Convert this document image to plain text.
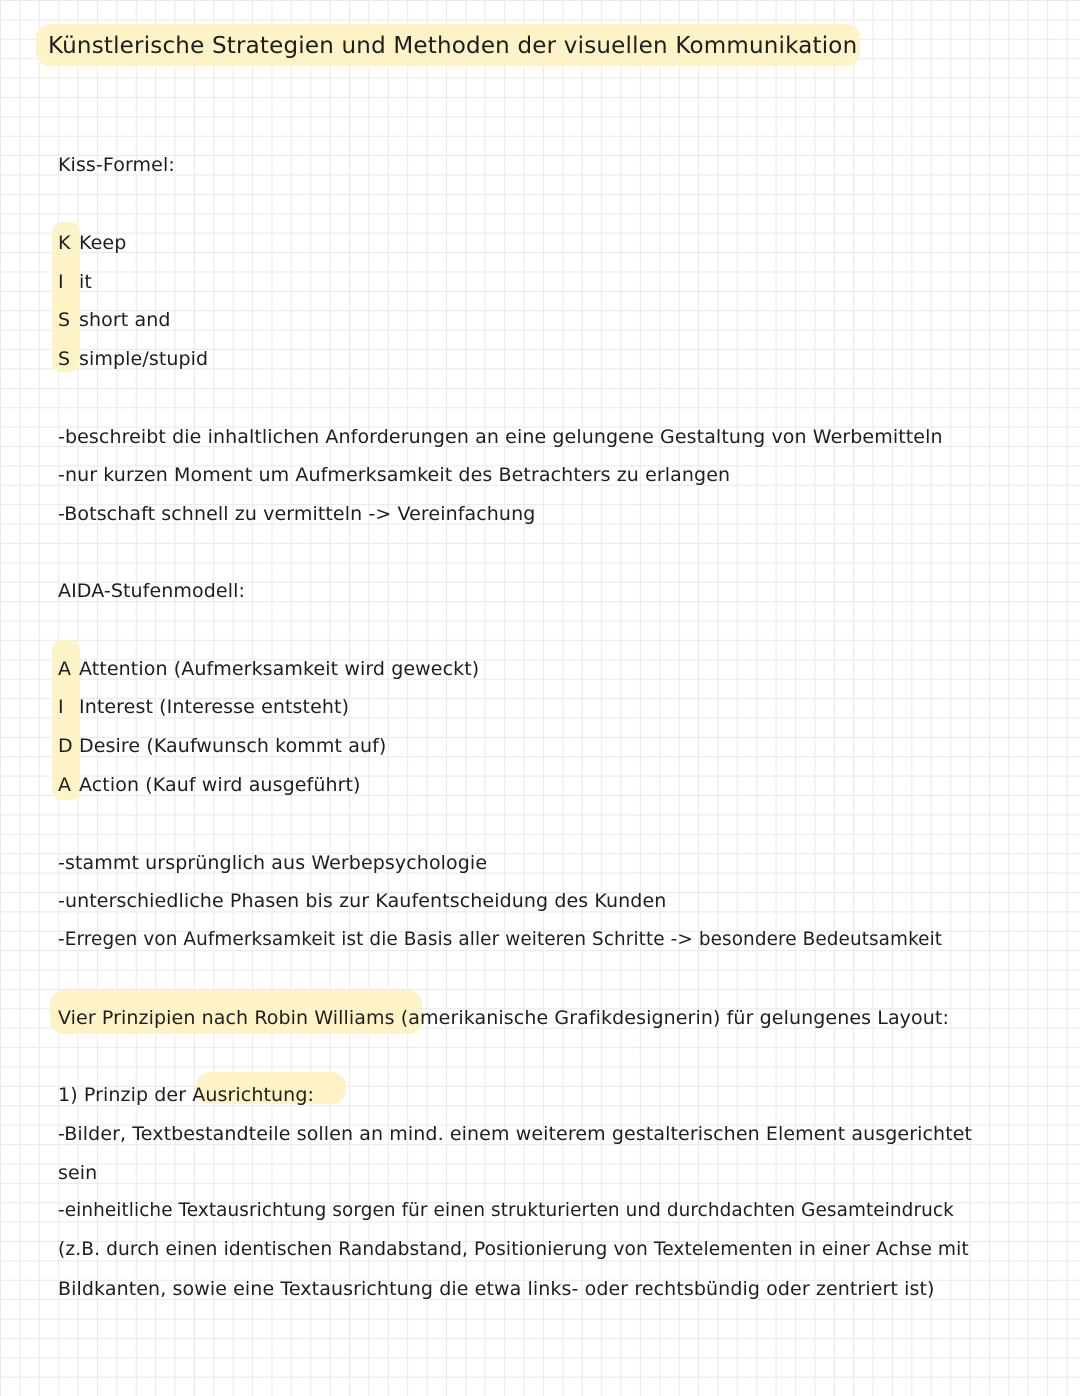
Künstlerische Strategien und Methoden der visuellen Kommunikation
Kiss-Formel:
K Keep
I it
S short and
S simple/stupid
-beschreibt die inhaltlichen Anforderungen an eine gelungene Gestaltung von Werbemitteln
-nur kurzen Moment um Aufmerksamkeit des Betrachters zu erlangen
-Botschaft schnell zu vermitteln -> Vereinfachung
AIDA-Stufenmodell:
A Attention (Aufmerksamkeit wird geweckt)
I Interest (Interesse entsteht)
D Desire (Kaufwunsch kommt auf)
A Action (Kauf wird ausgeführt)
-stammt ursprünglich aus Werbepsychologie
-unterschiedliche Phasen bis zur Kaufentscheidung des Kunden
-Erregen von Aufmerksamkeit ist die Basis aller weiteren Schritte -> besondere Bedeutsamkeit
Vier Prinzipien nach Robin Williams (amerikanische Grafikdesignerin) für gelungenes Layout:
1) Prinzip der Ausrichtung:
-Bilder, Textbestandteile sollen an mind. einem weiterem gestalterischen Element ausgerichtet
sein
-einheitliche Textausrichtung sorgen für einen strukturierten und durchdachten Gesamteindruck
(z.B. durch einen identischen Randabstand, Positionierung von Textelementen in einer Achse mit
Bildkanten, sowie eine Textausrichtung die etwa links- oder rechtsbündig oder zentriert ist)
